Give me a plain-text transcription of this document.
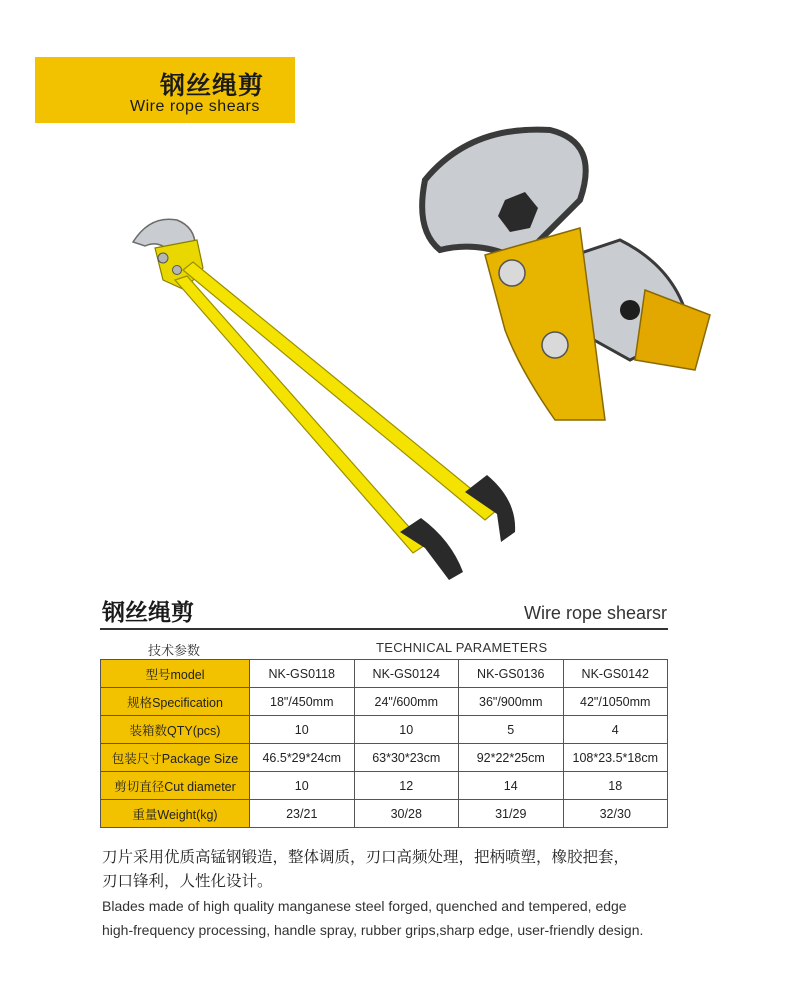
钢丝绳剪
Wire rope shears
钢丝绳剪	Wire rope shearsr
技术参数	TECHNICAL PARAMETERS
型号model	NK-GS0118	NK-GS0124	NK-GS0136	NK-GS0142
规格Specification	18"/450mm	24"/600mm	36"/900mm	42"/1050mm
装箱数QTY(pcs)	10	10	5	4
包装尺寸Package Size	46.5*29*24cm	63*30*23cm	92*22*25cm	108*23.5*18cm
剪切直径Cut diameter	10	12	14	18
重量Weight(kg)	23/21	30/28	31/29	32/30
刀片采用优质高锰钢锻造，整体调质，刃口高频处理，把柄喷塑，橡胶把套，
刃口锋利，人性化设计。
Blades made of high quality manganese steel forged, quenched and tempered, edge
high-frequency processing, handle spray, rubber grips,sharp edge, user-friendly design.
